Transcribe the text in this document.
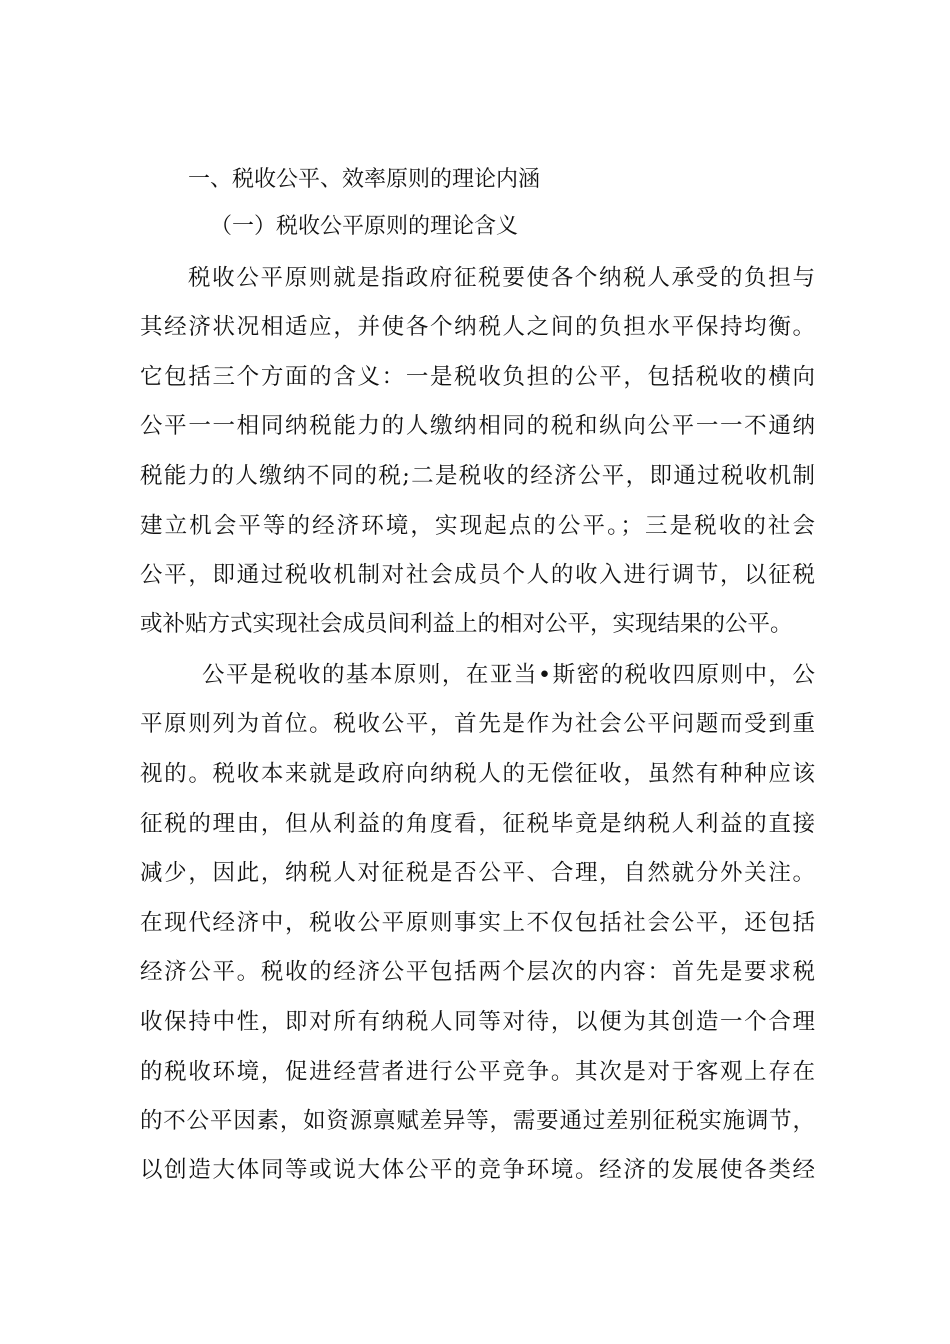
一、税收公平、效率原则的理论内涵
（一）税收公平原则的理论含义
税收公平原则就是指政府征税要使各个纳税人承受的负担与
其经济状况相适应，并使各个纳税人之间的负担水平保持均衡。
它包括三个方面的含义：一是税收负担的公平，包括税收的横向
公平一一相同纳税能力的人缴纳相同的税和纵向公平一一不通纳
税能力的人缴纳不同的税;二是税收的经济公平，即通过税收机制
建立机会平等的经济环境，实现起点的公平。；三是税收的社会
公平，即通过税收机制对社会成员个人的收入进行调节，以征税
或补贴方式实现社会成员间利益上的相对公平，实现结果的公平。
公平是税收的基本原则，在亚当•斯密的税收四原则中，公
平原则列为首位。税收公平，首先是作为社会公平问题而受到重
视的。税收本来就是政府向纳税人的无偿征收，虽然有种种应该
征税的理由，但从利益的角度看，征税毕竟是纳税人利益的直接
减少，因此，纳税人对征税是否公平、合理，自然就分外关注。
在现代经济中，税收公平原则事实上不仅包括社会公平，还包括
经济公平。税收的经济公平包括两个层次的内容：首先是要求税
收保持中性，即对所有纳税人同等对待，以便为其创造一个合理
的税收环境，促进经营者进行公平竞争。其次是对于客观上存在
的不公平因素，如资源禀赋差异等，需要通过差别征税实施调节，
以创造大体同等或说大体公平的竞争环境。经济的发展使各类经
